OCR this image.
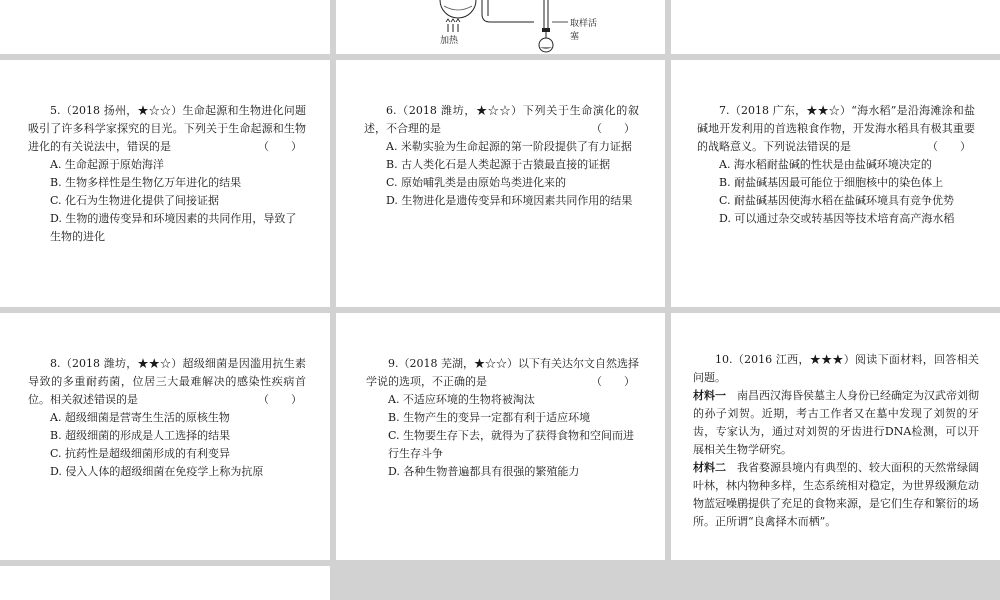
加热
取样活塞

5.（2018 扬州，★☆☆）生命起源和生物进化问题吸引了许多科学家探究的目光。下列关于生命起源和生物进化的有关说法中，错误的是	（　　）

A. 生命起源于原始海洋

B. 生物多样性是生物亿万年进化的结果

C. 化石为生物进化提供了间接证据

D. 生物的遗传变异和环境因素的共同作用，导致了生物的进化

6.（2018 潍坊，★☆☆）下列关于生命演化的叙述，不合理的是	（　　）

A. 米勒实验为生命起源的第一阶段提供了有力证据

B. 古人类化石是人类起源于古猿最直接的证据

C. 原始哺乳类是由原始鸟类进化来的

D. 生物进化是遗传变异和环境因素共同作用的结果

7.（2018 广东，★★☆）“海水稻”是沿海滩涂和盐碱地开发利用的首选粮食作物，开发海水稻具有极其重要的战略意义。下列说法错误的是	（　　）

A. 海水稻耐盐碱的性状是由盐碱环境决定的

B. 耐盐碱基因最可能位于细胞核中的染色体上

C. 耐盐碱基因使海水稻在盐碱环境具有竞争优势

D. 可以通过杂交或转基因等技术培育高产海水稻

8.（2018 潍坊，★★☆）超级细菌是因滥用抗生素导致的多重耐药菌，位居三大最难解决的感染性疾病首位。相关叙述错误的是	（　　）

A. 超级细菌是营寄生生活的原核生物

B. 超级细菌的形成是人工选择的结果

C. 抗药性是超级细菌形成的有利变异

D. 侵入人体的超级细菌在免疫学上称为抗原

9.（2018 芜湖，★☆☆）以下有关达尔文自然选择学说的选项，不正确的是	（　　）

A. 不适应环境的生物将被淘汰

B. 生物产生的变异一定都有利于适应环境

C. 生物要生存下去，就得为了获得食物和空间而进行生存斗争

D. 各种生物普遍都具有很强的繁殖能力

10.（2016 江西，★★★）阅读下面材料，回答相关问题。

材料一　 南昌西汉海昏侯墓主人身份已经确定为汉武帝刘彻的孙子刘贺。近期，考古工作者又在墓中发现了刘贺的牙齿，专家认为，通过对刘贺的牙齿进行DNA检测，可以开展相关生物学研究。

材料二　 我省婺源县境内有典型的、较大面积的天然常绿阔叶林，林内物种多样，生态系统相对稳定，为世界级濒危动物蓝冠噪鹛提供了充足的食物来源，是它们生存和繁衍的场所。正所谓“良禽择木而栖”。
